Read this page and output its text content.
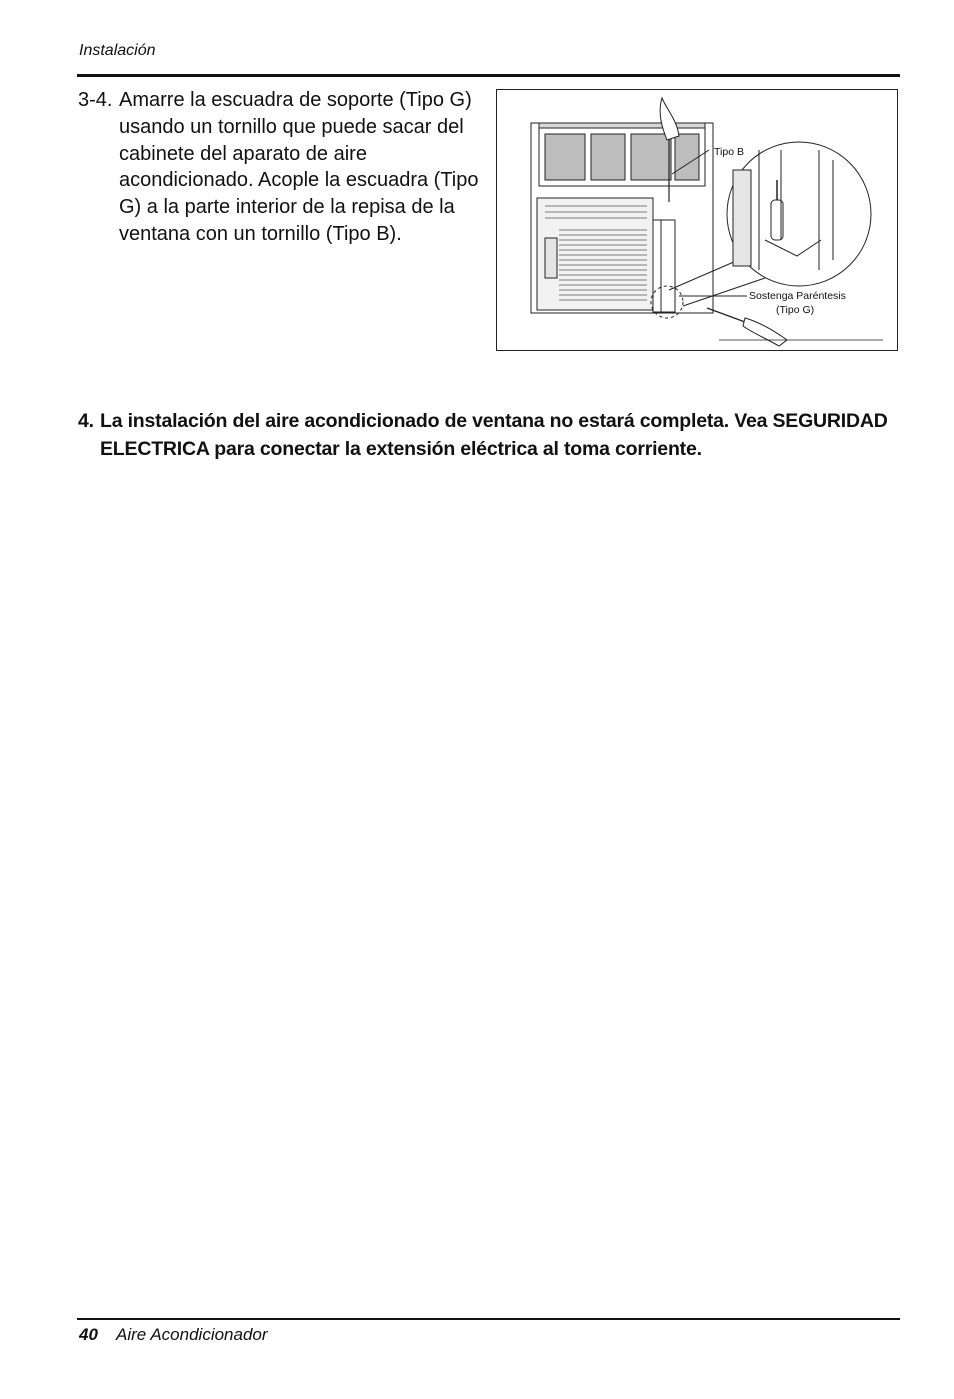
Instalación
3-4. Amarre la escuadra de soporte (Tipo G) usando un tornillo que puede sacar del cabinete del aparato de aire acondicionado. Acople la escuadra (Tipo G) a la parte interior de la repisa de la ventana con un tornillo (Tipo B).
Tipo B
Sostenga Paréntesis
(Tipo G)
4. La instalación del aire acondicionado de ventana no estará completa. Vea SEGURIDAD ELECTRICA para conectar la extensión eléctrica al toma corriente.
40 Aire Acondicionador
